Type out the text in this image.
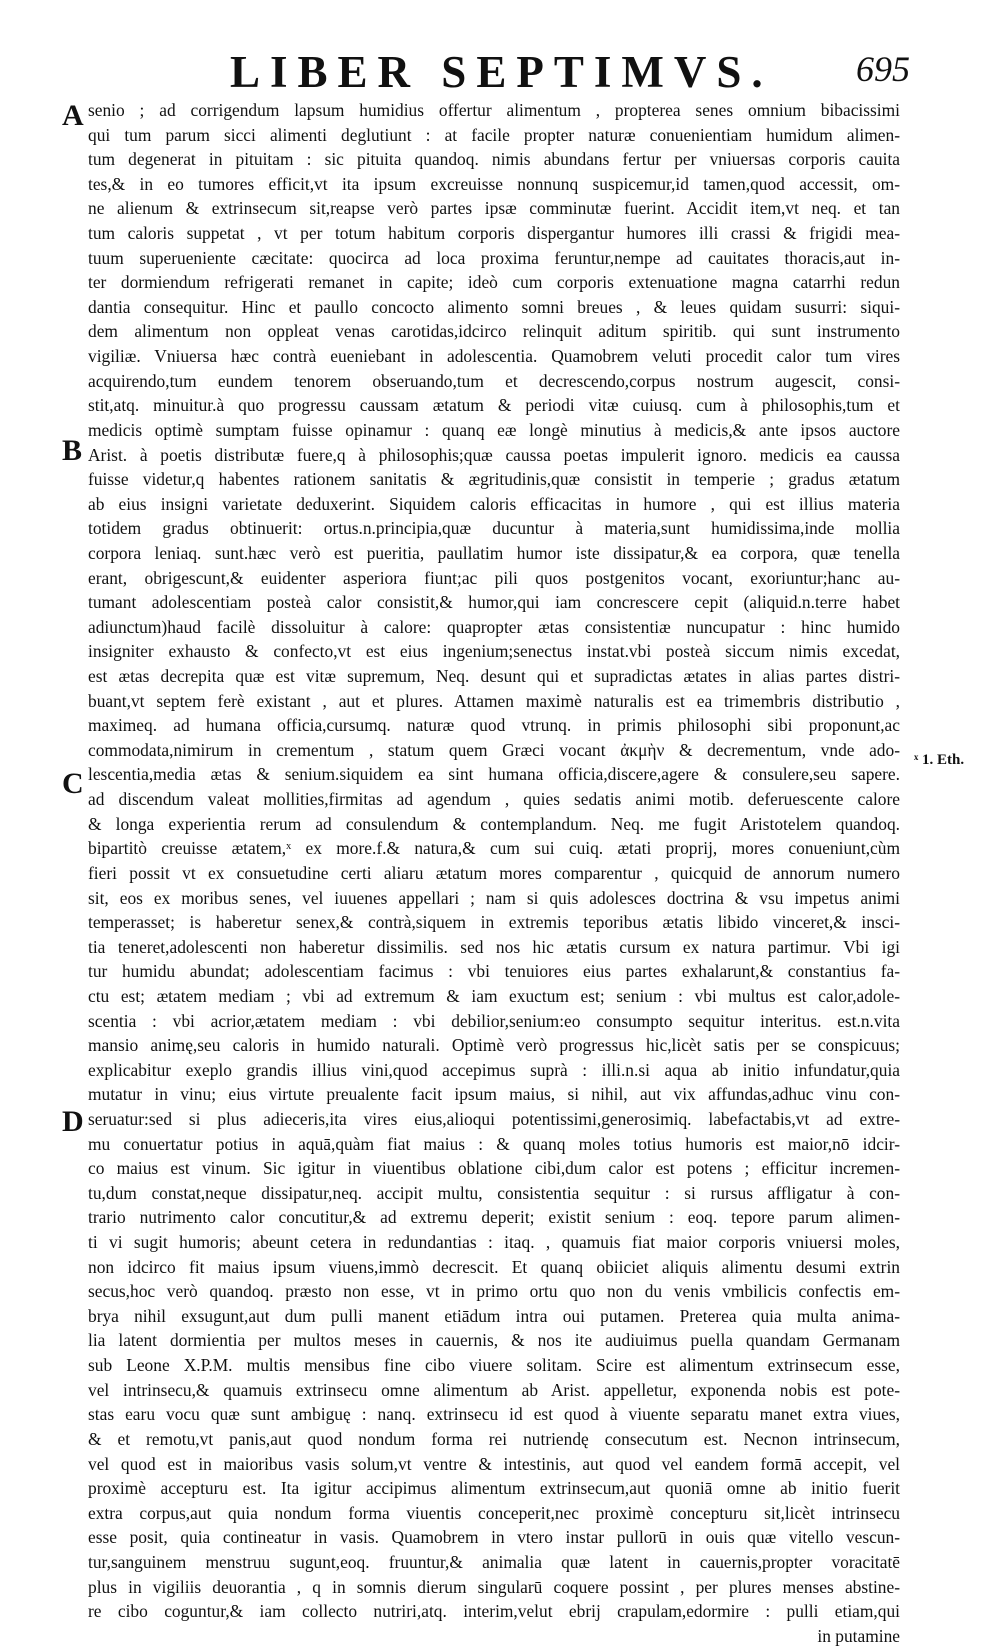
LIBER SEPTIMVS. 695
A
B
C
D
ˣ 1. Eth.
senio ; ad corrigendum lapsum humidius offertur alimentum , propterea senes omnium bibacissimi
qui tum parum sicci alimenti deglutiunt : at facile propter naturæ conuenientiam humidum alimen-
tum degenerat in pituitam : sic pituita quandoq. nimis abundans fertur per vniuersas corporis cauita
tes,& in eo tumores efficit,vt ita ipsum excreuisse nonnunq suspicemur,id tamen,quod accessit, om-
ne alienum & extrinsecum sit,reapse verò partes ipsæ comminutæ fuerint. Accidit item,vt neq. et tan
tum caloris suppetat , vt per totum habitum corporis dispergantur humores illi crassi & frigidi mea-
tuum superueniente cæcitate: quocirca ad loca proxima feruntur,nempe ad cauitates thoracis,aut in-
ter dormiendum refrigerati remanet in capite; ideò cum corporis extenuatione magna catarrhi redun
dantia consequitur. Hinc et paullo concocto alimento somni breues , & leues quidam susurri: siqui-
dem alimentum non oppleat venas carotidas,idcirco relinquit aditum spiritib. qui sunt instrumento
vigiliæ. Vniuersa hæc contrà eueniebant in adolescentia. Quamobrem veluti procedit calor tum vires
acquirendo,tum eundem tenorem obseruando,tum et decrescendo,corpus nostrum augescit, consi-
stit,atq. minuitur.à quo progressu caussam ætatum & periodi vitæ cuiusq. cum à philosophis,tum et
medicis optimè sumptam fuisse opinamur : quanq eæ longè minutius à medicis,& ante ipsos auctore
Arist. à poetis distributæ fuere,q à philosophis;quæ caussa poetas impulerit ignoro. medicis ea caussa
fuisse videtur,q habentes rationem sanitatis & ægritudinis,quæ consistit in temperie ; gradus ætatum
ab eius insigni varietate deduxerint. Siquidem caloris efficacitas in humore , qui est illius materia
totidem gradus obtinuerit: ortus.n.principia,quæ ducuntur à materia,sunt humidissima,inde mollia
corpora leniaq. sunt.hæc verò est pueritia, paullatim humor iste dissipatur,& ea corpora, quæ tenella
erant, obrigescunt,& euidenter asperiora fiunt;ac pili quos postgenitos vocant, exoriuntur;hanc au-
tumant adolescentiam posteà calor consistit,& humor,qui iam concrescere cepit (aliquid.n.terre habet
adiunctum)haud facilè dissoluitur à calore: quapropter ætas consistentiæ nuncupatur : hinc humido
insigniter exhausto & confecto,vt est eius ingenium;senectus instat.vbi posteà siccum nimis excedat,
est ætas decrepita quæ est vitæ supremum, Neq. desunt qui et supradictas ætates in alias partes distri-
buant,vt septem ferè existant , aut et plures. Attamen maximè naturalis est ea trimembris distributio ,
maximeq. ad humana officia,cursumq. naturæ quod vtrunq. in primis philosophi sibi proponunt,ac
commodata,nimirum in crementum , statum quem Græci vocant ἀκμὴν & decrementum, vnde ado-
lescentia,media ætas & senium.siquidem ea sint humana officia,discere,agere & consulere,seu sapere.
ad discendum valeat mollities,firmitas ad agendum , quies sedatis animi motib. deferuescente calore
& longa experientia rerum ad consulendum & contemplandum. Neq. me fugit Aristotelem quandoq.
bipartitò creuisse ætatem,ˣ ex more.f.& natura,& cum sui cuiq. ætati proprij, mores conueniunt,cùm
fieri possit vt ex consuetudine certi aliaru ætatum mores comparentur , quicquid de annorum numero
sit, eos ex moribus senes, vel iuuenes appellari ; nam si quis adolesces doctrina & vsu impetus animi
temperasset; is haberetur senex,& contrà,siquem in extremis teporibus ætatis libido vinceret,& insci-
tia teneret,adolescenti non haberetur dissimilis. sed nos hic ætatis cursum ex natura partimur. Vbi igi
tur humidu abundat; adolescentiam facimus : vbi tenuiores eius partes exhalarunt,& constantius fa-
ctu est; ætatem mediam ; vbi ad extremum & iam exuctum est; senium : vbi multus est calor,adole-
scentia : vbi acrior,ætatem mediam : vbi debilior,senium:eo consumpto sequitur interitus. est.n.vita
mansio animę,seu caloris in humido naturali. Optimè verò progressus hic,licèt satis per se conspicuus;
explicabitur exeplo grandis illius vini,quod accepimus suprà : illi.n.si aqua ab initio infundatur,quia
mutatur in vinu; eius virtute preualente facit ipsum maius, si nihil, aut vix affundas,adhuc vinu con-
seruatur:sed si plus adieceris,ita vires eius,alioqui potentissimi,generosimiq. labefactabis,vt ad extre-
mu conuertatur potius in aquā,quàm fiat maius : & quanq moles totius humoris est maior,nō idcir-
co maius est vinum. Sic igitur in viuentibus oblatione cibi,dum calor est potens ; efficitur incremen-
tu,dum constat,neque dissipatur,neq. accipit multu, consistentia sequitur : si rursus affligatur à con-
trario nutrimento calor concutitur,& ad extremu deperit; existit senium : eoq. tepore parum alimen-
ti vi sugit humoris; abeunt cetera in redundantias : itaq. , quamuis fiat maior corporis vniuersi moles,
non idcirco fit maius ipsum viuens,immò decrescit. Et quanq obiiciet aliquis alimentu desumi extrin
secus,hoc verò quandoq. præsto non esse, vt in primo ortu quo non du venis vmbilicis confectis em-
brya nihil exsugunt,aut dum pulli manent etiādum intra oui putamen. Preterea quia multa anima-
lia latent dormientia per multos meses in cauernis, & nos ite audiuimus puella quandam Germanam
sub Leone X.P.M. multis mensibus fine cibo viuere solitam. Scire est alimentum extrinsecum esse,
vel intrinsecu,& quamuis extrinsecu omne alimentum ab Arist. appelletur, exponenda nobis est pote-
stas earu vocu quæ sunt ambiguę : nanq. extrinsecu id est quod à viuente separatu manet extra viues,
& et remotu,vt panis,aut quod nondum forma rei nutriendę consecutum est. Necnon intrinsecum,
vel quod est in maioribus vasis solum,vt ventre & intestinis, aut quod vel eandem formā accepit, vel
proximè accepturu est. Ita igitur accipimus alimentum extrinsecum,aut quoniā omne ab initio fuerit
extra corpus,aut quia nondum forma viuentis conceperit,nec proximè concepturu sit,licèt intrinsecu
esse posit, quia contineatur in vasis. Quamobrem in vtero instar pullorū in ouis quæ vitello vescun-
tur,sanguinem menstruu sugunt,eoq. fruuntur,& animalia quæ latent in cauernis,propter voracitatē
plus in vigiliis deuorantia , q in somnis dierum singularū coquere possint , per plures menses abstine-
re cibo coguntur,& iam collecto nutriri,atq. interim,velut ebrij crapulam,edormire : pulli etiam,qui
in putamine
